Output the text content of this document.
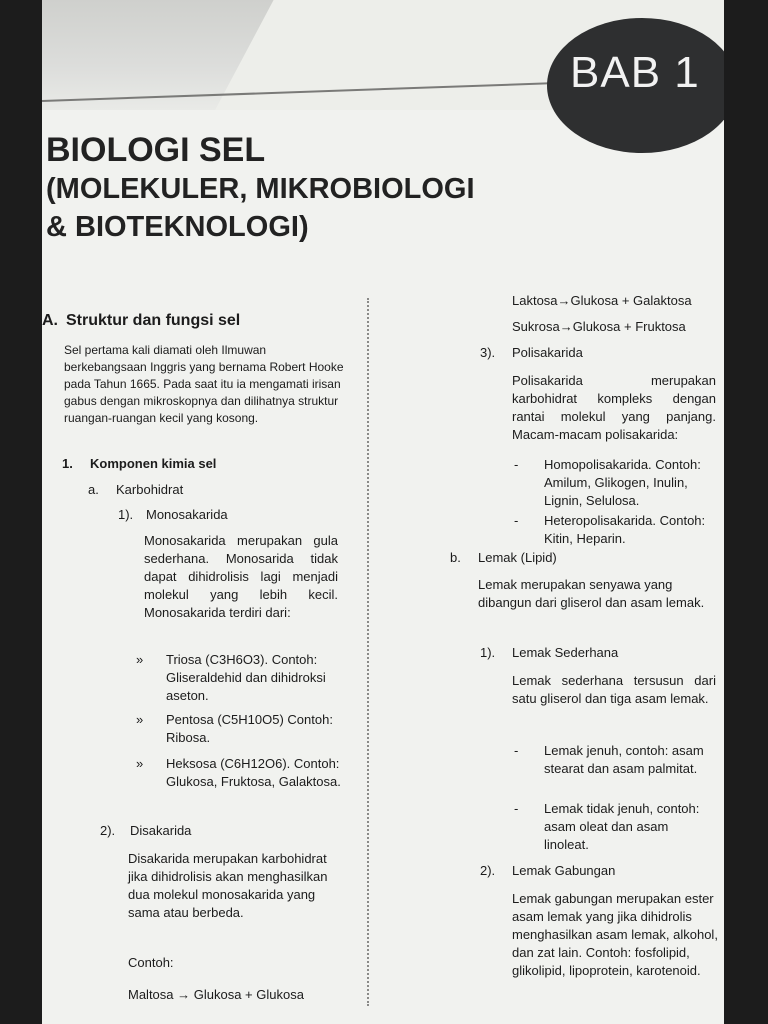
BAB 1
BIOLOGI SEL
(MOLEKULER, MIKROBIOLOGI
& BIOTEKNOLOGI)
A. Struktur dan fungsi sel
Sel pertama kali diamati oleh Ilmuwan berkebangsaan Inggris yang bernama Robert Hooke pada Tahun 1665. Pada saat itu ia mengamati irisan gabus dengan mikroskopnya dan dilihatnya struktur ruangan-ruangan kecil yang kosong.
1. Komponen kimia sel
a. Karbohidrat
1). Monosakarida
Monosakarida merupakan gula sederhana. Monosarida tidak dapat dihidrolisis lagi menjadi molekul yang lebih kecil. Monosakarida terdiri dari:
» Triosa (C3H6O3). Contoh: Gliseraldehid dan dihidroksi aseton.
» Pentosa (C5H10O5) Contoh: Ribosa.
» Heksosa (C6H12O6). Contoh: Glukosa, Fruktosa, Galaktosa.
2). Disakarida
Disakarida merupakan karbohidrat jika dihidrolisis akan menghasilkan dua molekul monosakarida yang sama atau berbeda.
Contoh:
Maltosa → Glukosa + Glukosa
Laktosa→Glukosa + Galaktosa
Sukrosa→Glukosa + Fruktosa
3). Polisakarida
Polisakarida merupakan karbohidrat kompleks dengan rantai molekul yang panjang. Macam-macam polisakarida:
- Homopolisakarida. Contoh: Amilum, Glikogen, Inulin, Lignin, Selulosa.
- Heteropolisakarida. Contoh: Kitin, Heparin.
b. Lemak (Lipid)
Lemak merupakan senyawa yang dibangun dari gliserol dan asam lemak.
1). Lemak Sederhana
Lemak sederhana tersusun dari satu gliserol dan tiga asam lemak.
- Lemak jenuh, contoh: asam stearat dan asam palmitat.
- Lemak tidak jenuh, contoh: asam oleat dan asam linoleat.
2). Lemak Gabungan
Lemak gabungan merupakan ester asam lemak yang jika dihidrolis menghasilkan asam lemak, alkohol, dan zat lain. Contoh: fosfolipid, glikolipid, lipoprotein, karotenoid.
